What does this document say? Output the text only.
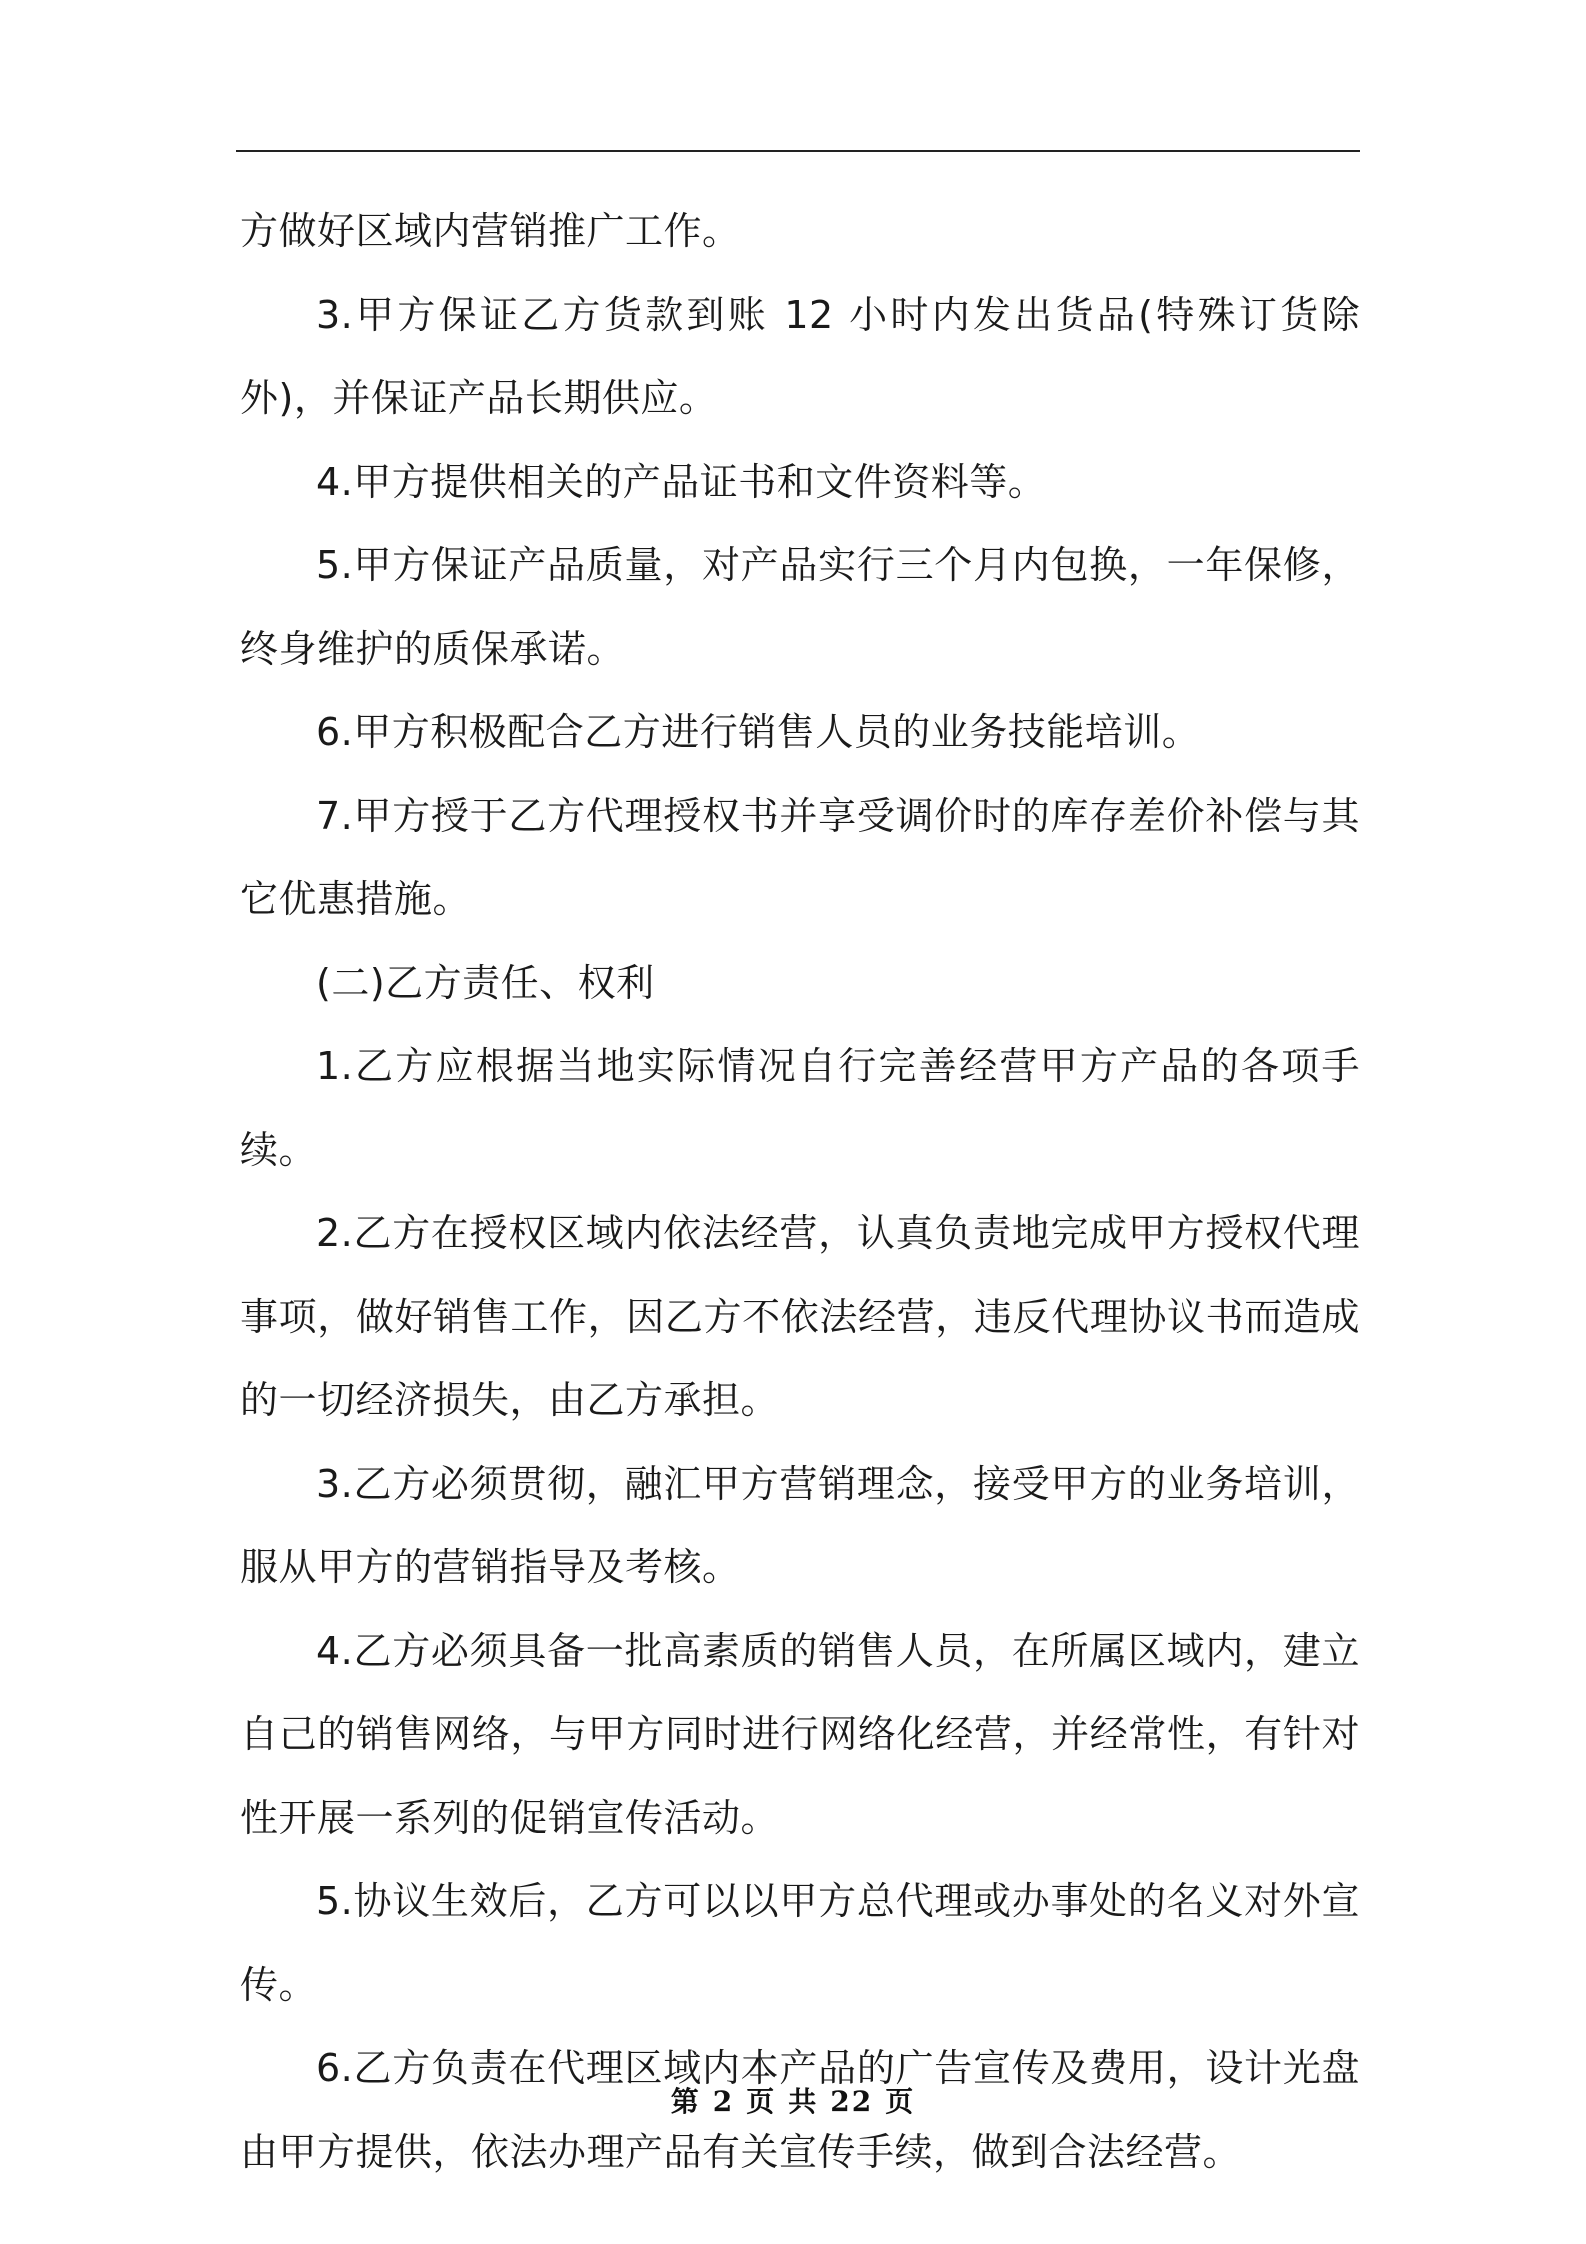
方做好区域内营销推广工作。

3.甲方保证乙方货款到账 12 小时内发出货品(特殊订货除外)，并保证产品长期供应。

4.甲方提供相关的产品证书和文件资料等。

5.甲方保证产品质量，对产品实行三个月内包换，一年保修，终身维护的质保承诺。

6.甲方积极配合乙方进行销售人员的业务技能培训。

7.甲方授于乙方代理授权书并享受调价时的库存差价补偿与其它优惠措施。

(二)乙方责任、权利

1.乙方应根据当地实际情况自行完善经营甲方产品的各项手续。

2.乙方在授权区域内依法经营，认真负责地完成甲方授权代理事项，做好销售工作，因乙方不依法经营，违反代理协议书而造成的一切经济损失，由乙方承担。

3.乙方必须贯彻，融汇甲方营销理念，接受甲方的业务培训，服从甲方的营销指导及考核。

4.乙方必须具备一批高素质的销售人员，在所属区域内，建立自己的销售网络，与甲方同时进行网络化经营，并经常性，有针对性开展一系列的促销宣传活动。

5.协议生效后，乙方可以以甲方总代理或办事处的名义对外宣传。

6.乙方负责在代理区域内本产品的广告宣传及费用，设计光盘由甲方提供，依法办理产品有关宣传手续，做到合法经营。

第 2 页 共 22 页
